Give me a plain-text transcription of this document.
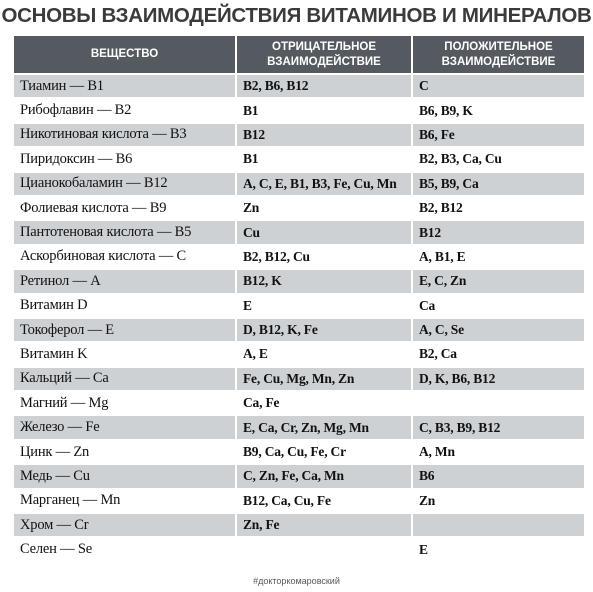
ОСНОВЫ ВЗАИМОДЕЙСТВИЯ ВИТАМИНОВ И МИНЕРАЛОВ
ВЕЩЕСТВО	ОТРИЦАТЕЛЬНОЕ ВЗАИМОДЕЙСТВИЕ	ПОЛОЖИТЕЛЬНОЕ ВЗАИМОДЕЙСТВИЕ
Тиамин — B1	B2, B6, B12	C
Рибофлавин — B2	B1	B6, B9, K
Никотиновая кислота — B3	B12	B6, Fe
Пиридоксин — B6	B1	B2, B3, Ca, Cu
Цианокобаламин — B12	A, C, E, B1, B3, Fe, Cu, Mn	B5, B9, Ca
Фолиевая кислота — B9	Zn	B2, B12
Пантотеновая кислота — B5	Cu	B12
Аскорбиновая кислота — C	B2, B12, Cu	A, B1, E
Ретинол — A	B12, K	E, C, Zn
Витамин D	E	Ca
Токоферол — E	D, B12, K, Fe	A, C, Se
Витамин K	A, E	B2, Ca
Кальций — Ca	Fe, Cu, Mg, Mn, Zn	D, K, B6, B12
Магний — Mg	Ca, Fe	
Железо — Fe	E, Ca, Cr, Zn, Mg, Mn	C, B3, B9, B12
Цинк — Zn	B9, Ca, Cu, Fe, Cr	A, Mn
Медь — Cu	C, Zn, Fe, Ca, Mn	B6
Марганец — Mn	B12, Ca, Cu, Fe	Zn
Хром — Cr	Zn, Fe	
Селен — Se		E
#докторкомаровский
